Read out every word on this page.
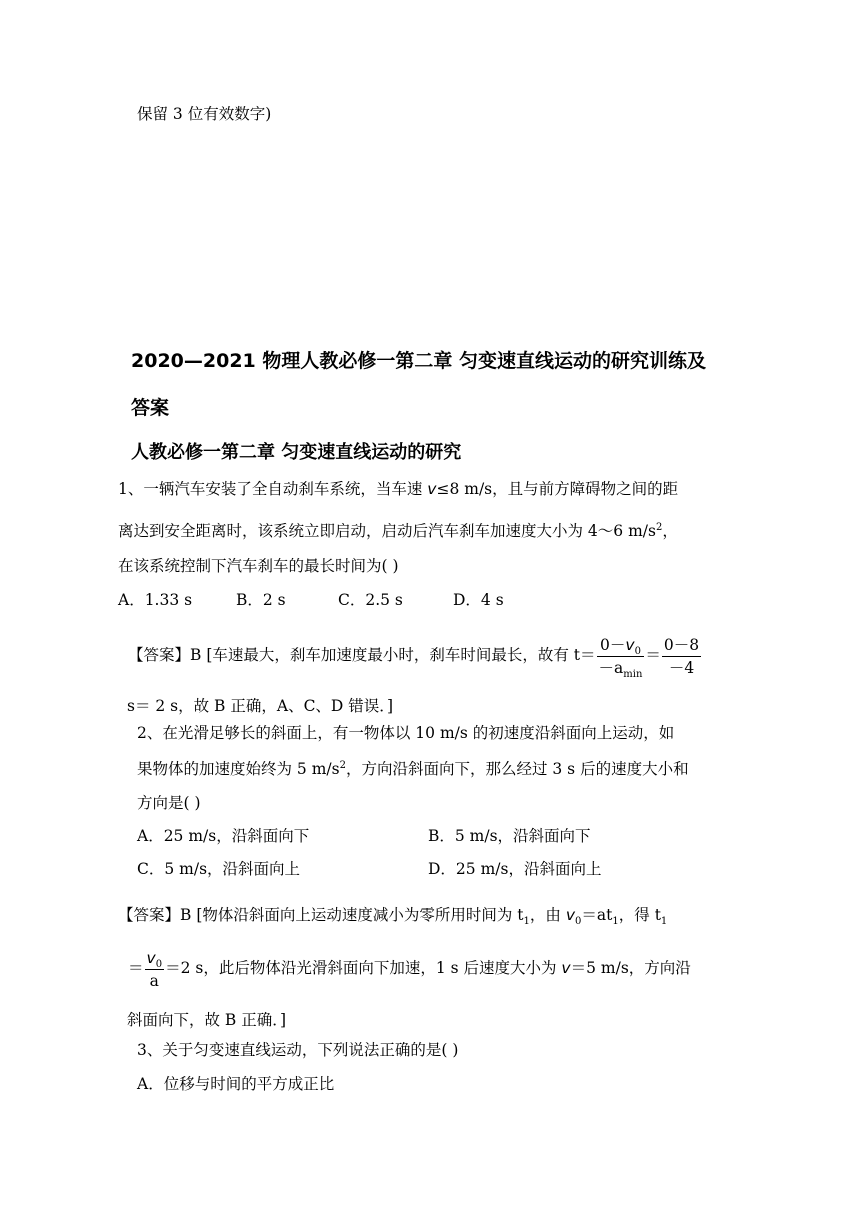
保留 3 位有效数字)
2020—2021 物理人教必修一第二章 匀变速直线运动的研究训练及
答案
人教必修一第二章 匀变速直线运动的研究
1、一辆汽车安装了全自动刹车系统，当车速 v≤8 m/s，且与前方障碍物之间的距
离达到安全距离时，该系统立即启动，启动后汽车刹车加速度大小为 4～6 $m/s^2$，
在该系统控制下汽车刹车的最长时间为( )
A．1.33 s	B．2 s	C．2.5 s	D．4 s
【答案】B [车速最大，刹车加速度最小时，刹车时间最长，故有 $t= \frac{0-v_0}{-a_{min}} = \frac{0-8}{-4}$
s＝ 2 s，故 B 正确，A、C、D 错误．]
2、在光滑足够长的斜面上，有一物体以 10 m/s 的初速度沿斜面向上运动，如
果物体的加速度始终为 5 $m/s^2$，方向沿斜面向下，那么经过 3 s 后的速度大小和
方向是( )
A．25 m/s，沿斜面向下	B．5 m/s，沿斜面向下
C．5 m/s，沿斜面向上	D．25 m/s，沿斜面向上
【答案】B [物体沿斜面向上运动速度减小为零所用时间为 $t_1$，由 $v_0=at_1$，得 $t_1$
＝ $\frac{v_0}{a} =2$ s，此后物体沿光滑斜面向下加速，1 s 后速度大小为 v＝5 m/s，方向沿
斜面向下，故 B 正确．]
3、关于匀变速直线运动，下列说法正确的是( )
A．位移与时间的平方成正比
